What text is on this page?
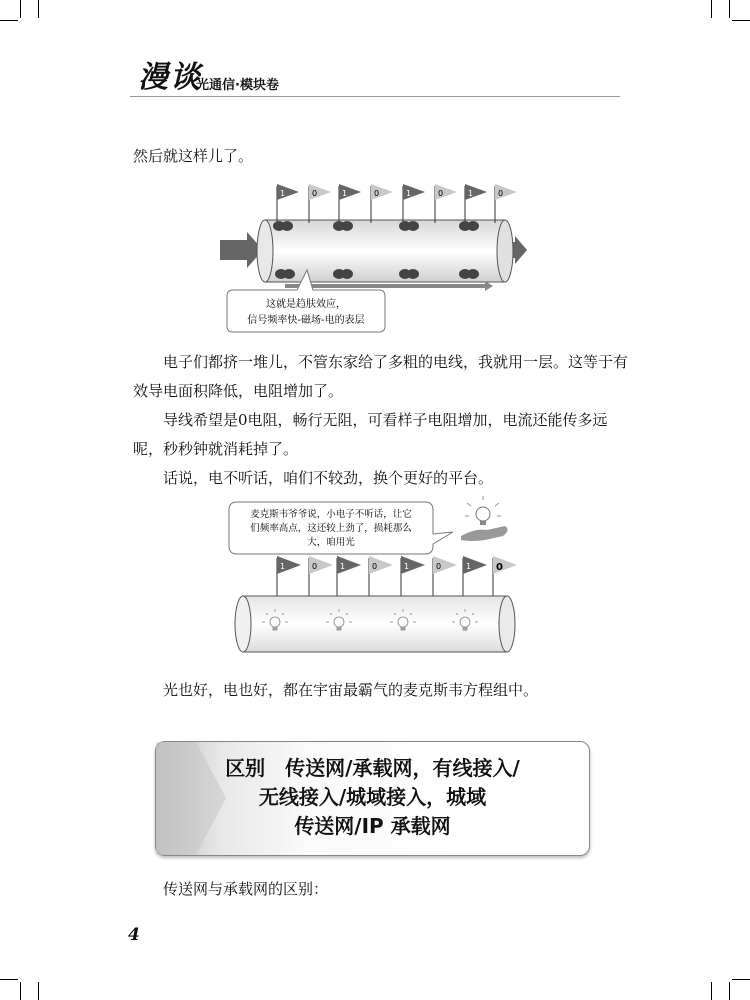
漫谈
光通信·模块卷
然后就这样儿了。
1	0	1	0	1	0	1	0
这就是趋肤效应，
信号频率快-磁场-电的表层
电子们都挤一堆儿，不管东家给了多粗的电线，我就用一层。这等于有效导电面积降低，电阻增加了。
导线希望是0电阻，畅行无阻，可看样子电阻增加，电流还能传多远呢，秒秒钟就消耗掉了。
话说，电不听话，咱们不较劲，换个更好的平台。
麦克斯韦爷爷说，小电子不听话，让它
们频率高点，这还较上劲了，损耗那么
大，咱用光
1	0	1	0	1	0	1 0
光也好，电也好，都在宇宙最霸气的麦克斯韦方程组中。
区别　传送网/承载网，有线接入/
无线接入/城域接入，城域
传送网/IP 承载网
传送网与承载网的区别：
4
